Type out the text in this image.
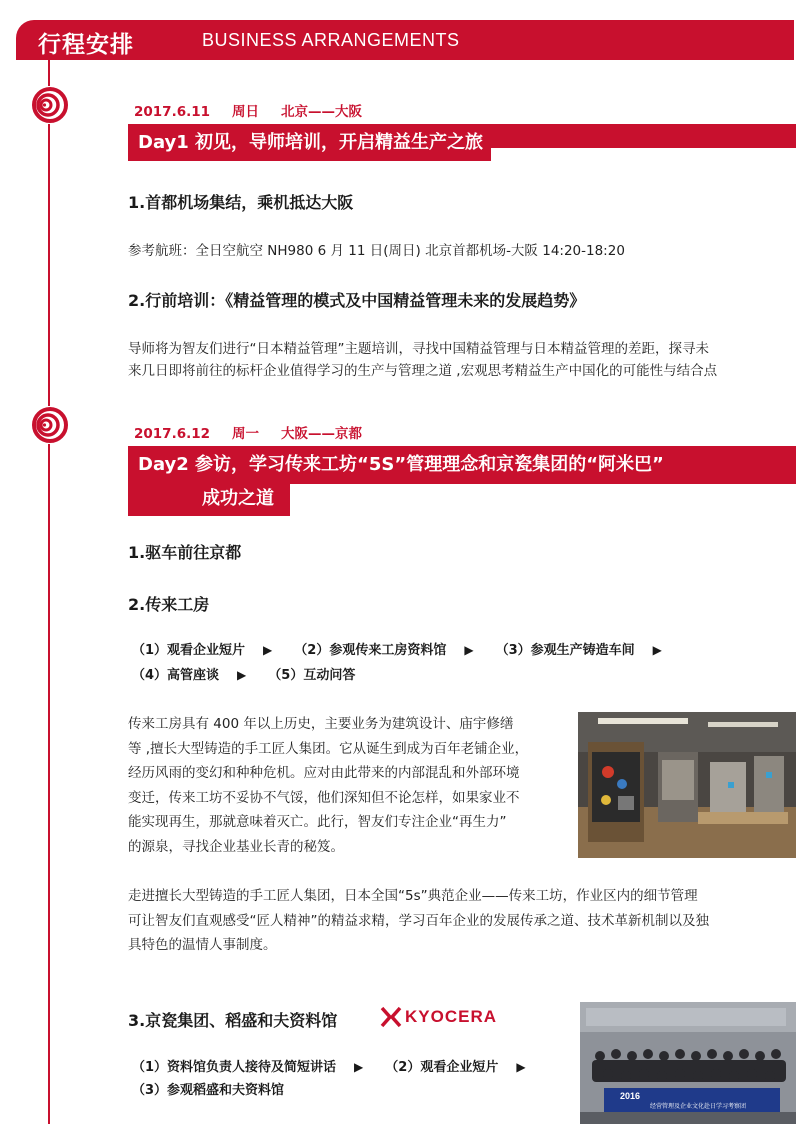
行程安排	BUSINESS ARRANGEMENTS
2017.6.11 周日 北京——大阪
Day1 初见，导师培训，开启精益生产之旅
1.首都机场集结，乘机抵达大阪
参考航班：全日空航空 NH980 6 月 11 日(周日) 北京首都机场-大阪 14:20-18:20
2.行前培训：《精益管理的模式及中国精益管理未来的发展趋势》
导师将为智友们进行“日本精益管理”主题培训，寻找中国精益管理与日本精益管理的差距，探寻未
来几日即将前往的标杆企业值得学习的生产与管理之道 ,宏观思考精益生产中国化的可能性与结合点
2017.6.12 周一 大阪——京都
Day2 参访，学习传来工坊“5S”管理理念和京瓷集团的“阿米巴”
成功之道
1.驱车前往京都
2.传来工房
（1）观看企业短片 ▶ （2）参观传来工房资料馆 ▶ （3）参观生产铸造车间 ▶
（4）高管座谈 ▶ （5）互动问答
传来工房具有 400 年以上历史，主要业务为建筑设计、庙宇修缮
等 ,擅长大型铸造的手工匠人集团。它从诞生到成为百年老铺企业，
经历风雨的变幻和种种危机。应对由此带来的内部混乱和外部环境
变迁，传来工坊不妥协不气馁，他们深知但不论怎样，如果家业不
能实现再生，那就意味着灭亡。此行，智友们专注企业“再生力”
的源泉，寻找企业基业长青的秘笈。
走进擅长大型铸造的手工匠人集团，日本全国“5s”典范企业——传来工坊，作业区内的细节管理
可让智友们直观感受“匠人精神”的精益求精，学习百年企业的发展传承之道、技术革新机制以及独
具特色的温情人事制度。
3.京瓷集团、稻盛和夫资料馆	KYOCERA
（1）资料馆负责人接待及简短讲话 ▶ （2）观看企业短片 ▶
（3）参观稻盛和夫资料馆	2016
经营管理及企业文化赴日学习考察团
